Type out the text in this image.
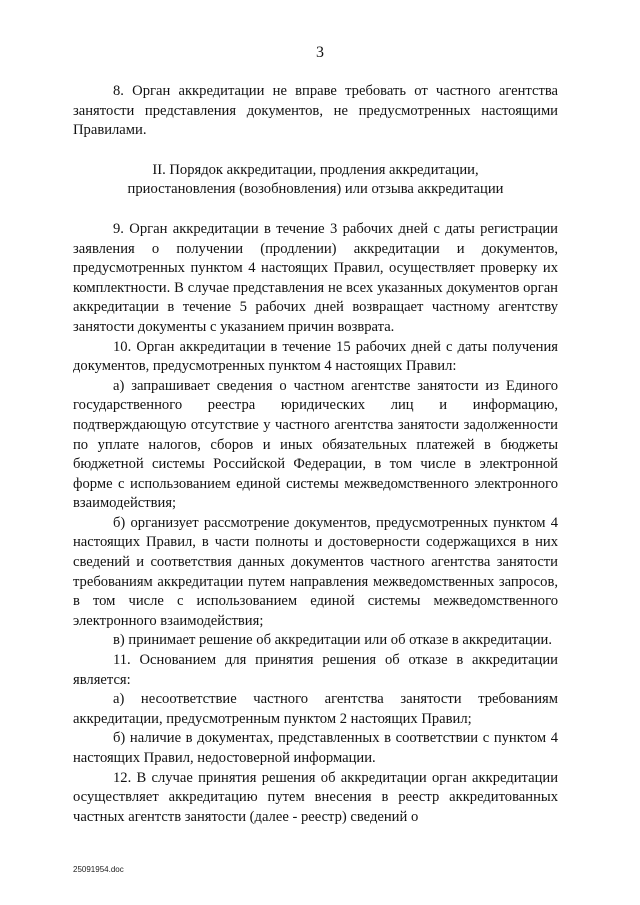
3

8. Орган аккредитации не вправе требовать от частного агентства занятости представления документов, не предусмотренных настоящими Правилами.

II. Порядок аккредитации, продления аккредитации,
приостановления (возобновления) или отзыва аккредитации

9. Орган аккредитации в течение 3 рабочих дней с даты регистрации заявления о получении (продлении) аккредитации и документов, предусмотренных пунктом 4 настоящих Правил, осуществляет проверку их комплектности. В случае представления не всех указанных документов орган аккредитации в течение 5 рабочих дней возвращает частному агентству занятости документы с указанием причин возврата.

10. Орган аккредитации в течение 15 рабочих дней с даты получения документов, предусмотренных пунктом 4 настоящих Правил:

а) запрашивает сведения о частном агентстве занятости из Единого государственного реестра юридических лиц и информацию, подтверждающую отсутствие у частного агентства занятости задолженности по уплате налогов, сборов и иных обязательных платежей в бюджеты бюджетной системы Российской Федерации, в том числе в электронной форме с использованием единой системы межведомственного электронного взаимодействия;

б) организует рассмотрение документов, предусмотренных пунктом 4 настоящих Правил, в части полноты и достоверности содержащихся в них сведений и соответствия данных документов частного агентства занятости требованиям аккредитации путем направления межведомственных запросов, в том числе с использованием единой системы межведомственного электронного взаимодействия;

в) принимает решение об аккредитации или об отказе в аккредитации.

11. Основанием для принятия решения об отказе в аккредитации является:

а) несоответствие частного агентства занятости требованиям аккредитации, предусмотренным пунктом 2 настоящих Правил;

б) наличие в документах, представленных в соответствии с пунктом 4 настоящих Правил, недостоверной информации.

12. В случае принятия решения об аккредитации орган аккредитации осуществляет аккредитацию путем внесения в реестр аккредитованных частных агентств занятости (далее - реестр) сведений о

25091954.doc
